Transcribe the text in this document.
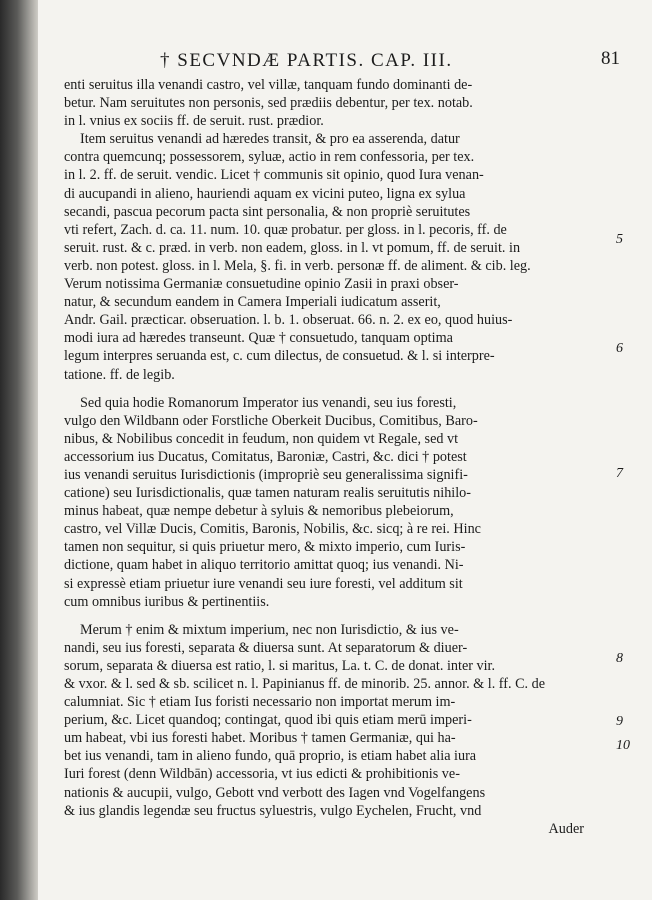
† SECVNDÆ PARTIS. CAP. III.	81
enti seruitus illa venandi castro, vel villæ, tanquam fundo dominanti de-
betur. Nam seruitutes non personis, sed prædiis debentur, per tex. notab.
in l. vnius ex sociis ff. de seruit. rust. prædior.
Item seruitus venandi ad hæredes transit, & pro ea asserenda, datur
contra quemcunq; possessorem, syluæ, actio in rem confessoria, per tex.
in l. 2. ff. de seruit. vendic. Licet † communis sit opinio, quod Iura venan-
di aucupandi in alieno, hauriendi aquam ex vicini puteo, ligna ex sylua
secandi, pascua pecorum pacta sint personalia, & non propriè seruitutes
vti refert, Zach. d. ca. 11. num. 10. quæ probatur. per gloss. in l. pecoris, ff. de
seruit. rust. & c. præd. in verb. non eadem, gloss. in l. vt pomum, ff. de seruit. in
verb. non potest. gloss. in l. Mela, §. fi. in verb. personæ ff. de aliment. & cib. leg.
Verum notissima Germaniæ consuetudine opinio Zasii in praxi obser-
natur, & secundum eandem in Camera Imperiali iudicatum asserit,
Andr. Gail. præcticar. obseruation. l. b. 1. obseruat. 66. n. 2. ex eo, quod huius-
modi iura ad hæredes transeunt. Quæ † consuetudo, tanquam optima
legum interpres seruanda est, c. cum dilectus, de consuetud. & l. si interpre-
tatione. ff. de legib.
Sed quia hodie Romanorum Imperator ius venandi, seu ius foresti,
vulgo den Wildbann oder Forstliche Oberkeit Ducibus, Comitibus, Baro-
nibus, & Nobilibus concedit in feudum, non quidem vt Regale, sed vt
accessorium ius Ducatus, Comitatus, Baroniæ, Castri, &c. dici † potest
ius venandi seruitus Iurisdictionis (impropriè seu generalissima signifi-
catione) seu Iurisdictionalis, quæ tamen naturam realis seruitutis nihilo-
minus habeat, quæ nempe debetur à syluis & nemoribus plebeiorum,
castro, vel Villæ Ducis, Comitis, Baronis, Nobilis, &c. sicq; à re rei. Hinc
tamen non sequitur, si quis priuetur mero, & mixto imperio, cum Iuris-
dictione, quam habet in aliquo territorio amittat quoq; ius venandi. Ni-
si expressè etiam priuetur iure venandi seu iure foresti, vel additum sit
cum omnibus iuribus & pertinentiis.
Merum † enim & mixtum imperium, nec non Iurisdictio, & ius ve-
nandi, seu ius foresti, separata & diuersa sunt. At separatorum & diuer-
sorum, separata & diuersa est ratio, l. si maritus, La. t. C. de donat. inter vir.
& vxor. & l. sed & sb. scilicet n. l. Papinianus ff. de minorib. 25. annor. & l. ff. C. de
calumniat. Sic † etiam Ius foristi necessario non importat merum im-
perium, &c. Licet quandoq; contingat, quod ibi quis etiam merū imperi-
um habeat, vbi ius foresti habet. Moribus † tamen Germaniæ, qui ha-
bet ius venandi, tam in alieno fundo, quā proprio, is etiam habet alia iura
Iuri forest (denn Wildbān) accessoria, vt ius edicti & prohibitionis ve-
nationis & aucupii, vulgo, Gebott vnd verbott des Iagen vnd Vogelfangens
& ius glandis legendæ seu fructus syluestris, vulgo Eychelen, Frucht, vnd
Auder
5
6
7
8
9
10
